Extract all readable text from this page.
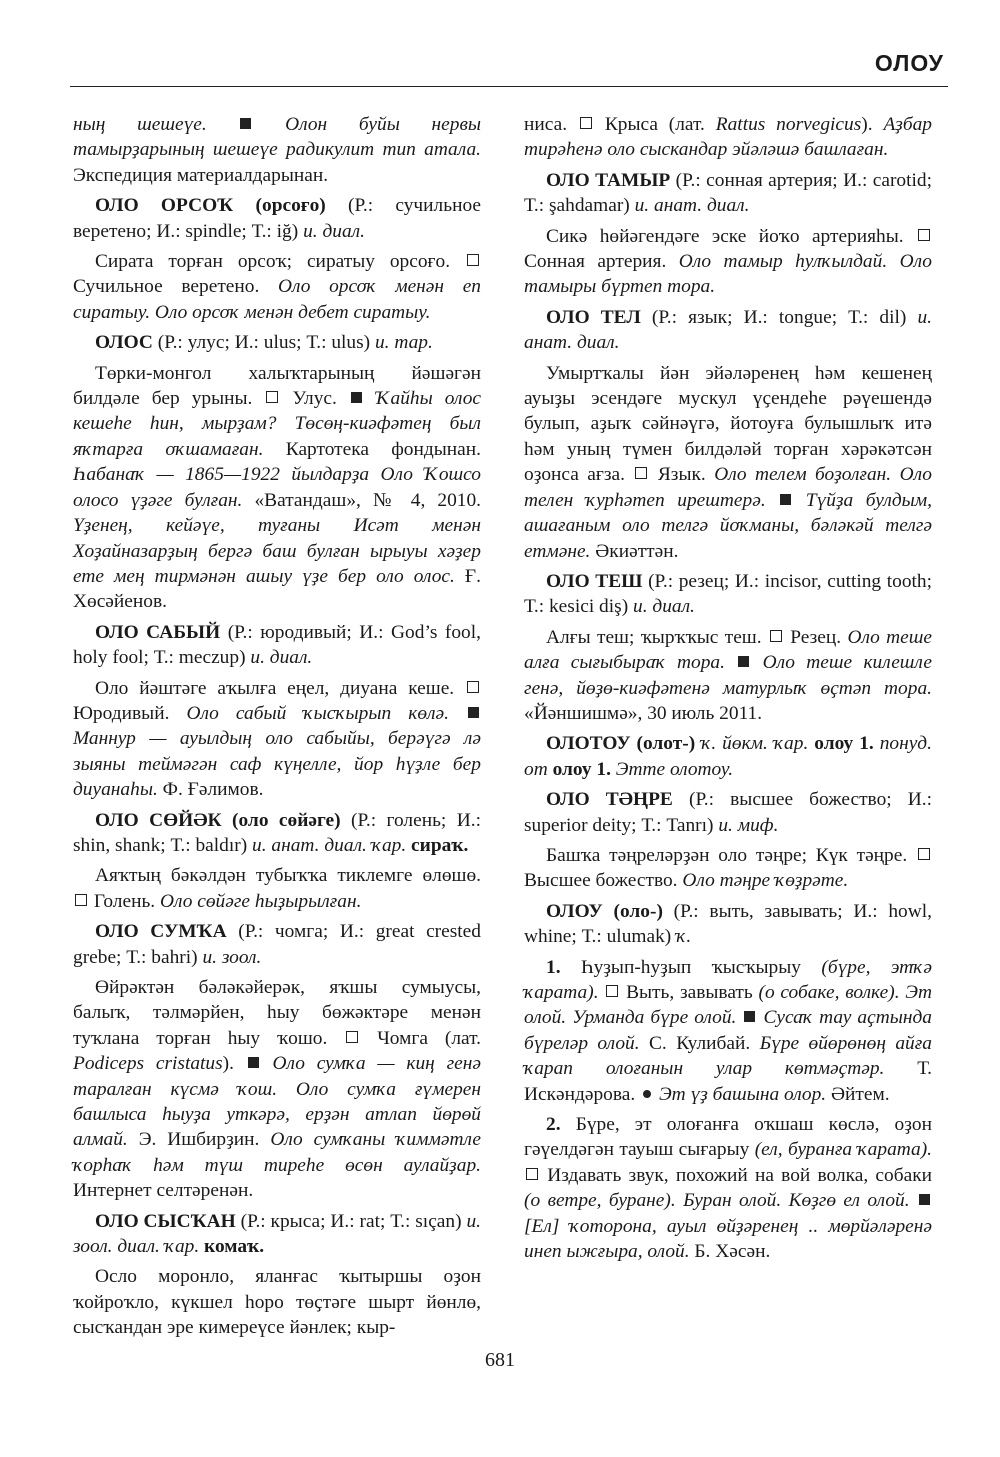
ОЛОУ

ның шешеүе.	Олон буйы нервы тамырҙарының шешеүе радикулит тип атала. Экспедиция материалдарынан.

ОЛО ОРСОҠ (орсоғо) (Р.: сучильное веретено; И.: spindle; Т.: iğ) и. диал.

Сирата торған орсоҡ; сиратыу орсоғо.  Сучильное веретено. Оло орсоҡ менән еп сиратыу. Оло орсоҡ менән дебет сиратыу.

ОЛОС (Р.: улус; И.: ulus; Т.: ulus) и. тар.

Төрки-монгол халыҡтарының йәшәгән билдәле бер урыны. Улус. Ҡайһы олос кешеһе һин, мырҙам? Төсөң-киәфәтең был яҡтарға оҡшамаған. Картотека фондынан. Һабанаҡ — 1865—1922 йылдарҙа Оло Ҡошсо олосо үҙәге булған. «Ватандаш», № 4, 2010. Үҙенең, кейәүе, туғаны Исәт менән Хоҙайназарҙың бергә баш булған ырыуы хәҙер ете мең тирмәнән ашыу үҙе бер оло олос. Ғ. Хөсәйенов.

ОЛО САБЫЙ (Р.: юродивый; И.: God’s fool, holy fool; Т.: meczup) и. диал.

Оло йәштәге аҡылға еңел, диуана кеше.  Юродивый. Оло сабый ҡысҡырып көлә.  Маннур — ауылдың оло сабыйы, берәүгә лә зыяны теймәгән саф күңелле, йор һүҙле бер диуанаһы. Ф. Ғәлимов.

ОЛО СӨЙӘК (оло сөйәге) (Р.: голень; И.: shin, shank; Т.: baldır) и. анат. диал. ҡар. сираҡ.

Аяҡтың бәкәлдән тубыҡҡа тиклемге өлөшө.  Голень. Оло сөйәге һыҙырылған.

ОЛО СУМҠА (Р.: чомга; И.: great crested grebe; Т.: bahri) и. зоол.

Өйрәктән бәләкәйерәк, яҡшы сумыусы, балыҡ, тәлмәрйен, һыу бөжәктәре менән туҡлана торған һыу ҡошо.	Чомга (лат. Podiceps cristatus). Оло сумҡа — киң генә таралған күсмә ҡош. Оло сумҡа ғүмерен башлыса һыуҙа уткәрә, ерҙән атлап йөрөй алмай. Э. Ишбирҙин. Оло сумҡаны ҡиммәтле ҡорһаҡ һәм түш тиреһе өсөн аулайҙар. Интернет селтәренән.

ОЛО СЫСҠАН (Р.: крыса; И.: rat; Т.: sıçan) и. зоол. диал. ҡар. комаҡ.

Осло моронло, яланғас ҡытыршы оҙон ҡойроҡло, күкшел һоро төҫтәге шырт йөнлө, сысҡандан эре кимереүсе йәнлек; кыр-

ниса. Крыса (лат. Rattus norvegicus). Аҙбар тирәһенә оло сыскандар эйәләшә башлаған.

ОЛО ТАМЫР (Р.: сонная артерия; И.: carotid; Т.: şahdamar) и. анат. диал.

Сикә һөйәгендәге эске йоҡо артерияһы.  Сонная артерия. Оло тамыр һулҡылдай. Оло тамыры бүртеп тора.

ОЛО ТЕЛ (Р.: язык; И.: tongue; Т.: dil) и. анат. диал.

Умыртҡалы йән эйәләренең һәм кешенең ауыҙы эсендәге мускул үҫендеһе рәүешендә булып, аҙыҡ сәйнәүгә, йотоуға булышлыҡ итә һәм уның түмен билдәләй торған хәрәкәтсән оҙонса ағза. Язык. Оло телем боҙолған. Оло телен ҡурһәтеп ирештерә. Түйҙа булдым, ашағаным оло телгә йоҡманы, бәләкәй телгә етмәне. Әкиәттән.

ОЛО ТЕШ (Р.: резец; И.: incisor, cutting tooth; Т.: kesici diş) и. диал.

Алғы теш; ҡырҡҡыс теш. Резец. Оло теше алға сығыбыраҡ тора. Оло теше килешле генә, йөҙө-киәфәтенә матурлыҡ өҫтәп тора. «Йәншишмә», 30 июль 2011.

ОЛОТОУ (олот-) ҡ. йөкм. ҡар. олоу 1. понуд. от олоу 1. Этте олотоу.

ОЛО ТӘҢРЕ (Р.: высшее божество; И.: superior deity; Т.: Tanrı) и. миф.

Башҡа тәңреләрҙән оло тәңре; Күк тәңре.  Высшее божество. Оло тәңре ҡөҙрәте.

ОЛОУ (оло-) (Р.: выть, завывать; И.: howl, whine; Т.: ulumak) ҡ.

1. Һуҙып-һуҙып ҡысҡырыу (бүре, этҡә ҡарата). Выть, завывать (о собаке, волке). Эт олой. Урманда бүре олой. Сусаҡ тау аҫтында бүреләр олой. С. Кулибай. Бүре өйөрөнөң айға ҡарап олоғанын улар көтмәҫтәр. Т. Искәндәрова. Эт үҙ башына олор. Әйтем.

2. Бүре, эт олоғанға оҡшаш көслә, оҙон гәүелдәгән тауыш сығарыу (ел, буранға ҡарата).  Издавать звук, похожий на вой волка, собаки (о ветре, буране). Буран олой. Көҙгө ел олой.  [Ел] ҡоторона, ауыл өйҙәренең .. мөрйәләренә инеп ыжғыра, олой. Б. Хәсән.

681
